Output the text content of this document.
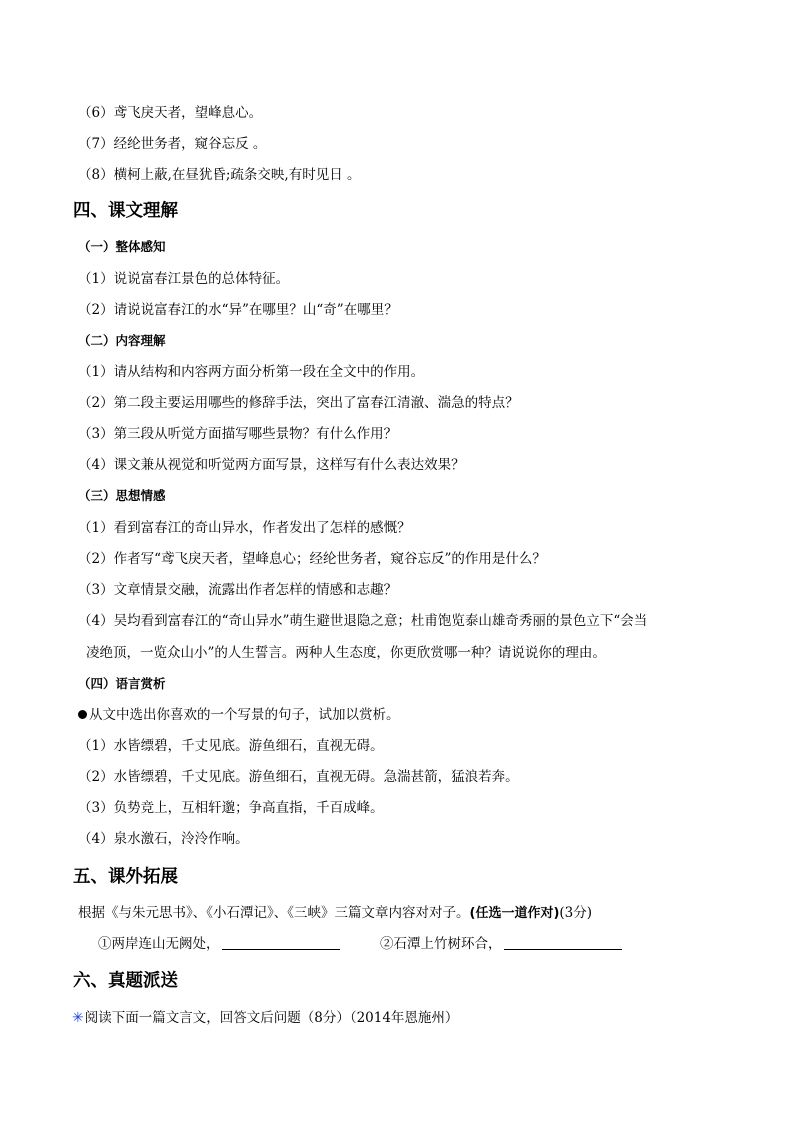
（6）鸢飞戾天者，望峰息心。
（7）经纶世务者，窥谷忘反 。
（8）横柯上蔽,在昼犹昏;疏条交映,有时见日 。
四、课文理解
（一）整体感知
（1）说说富春江景色的总体特征。
（2）请说说富春江的水“异”在哪里？山“奇”在哪里？
（二）内容理解
（1）请从结构和内容两方面分析第一段在全文中的作用。
（2）第二段主要运用哪些的修辞手法，突出了富春江清澈、湍急的特点？
（3）第三段从听觉方面描写哪些景物？有什么作用？
（4）课文兼从视觉和听觉两方面写景，这样写有什么表达效果？
（三）思想情感
（1）看到富春江的奇山异水，作者发出了怎样的感慨？
（2）作者写“鸢飞戾天者，望峰息心；经纶世务者，窥谷忘反”的作用是什么？
（3）文章情景交融，流露出作者怎样的情感和志趣？
（4）吴均看到富春江的“奇山异水”萌生避世退隐之意；杜甫饱览泰山雄奇秀丽的景色立下“会当
凌绝顶，一览众山小”的人生誓言。两种人生态度，你更欣赏哪一种？请说说你的理由。
（四）语言赏析
从文中选出你喜欢的一个写景的句子，试加以赏析。
（1）水皆缥碧，千丈见底。游鱼细石，直视无碍。
（2）水皆缥碧，千丈见底。游鱼细石，直视无碍。急湍甚箭，猛浪若奔。
（3）负势竞上，互相轩邈；争高直指，千百成峰。
（4）泉水激石，泠泠作响。
五、课外拓展
根据《与朱元思书》、《小石潭记》、《三峡》三篇文章内容对对子。(任选一道作对)(3分)
①两岸连山无阙处，	②石潭上竹树环合，
六、真题派送
✳阅读下面一篇文言文，回答文后问题（8分）（2014年恩施州）
